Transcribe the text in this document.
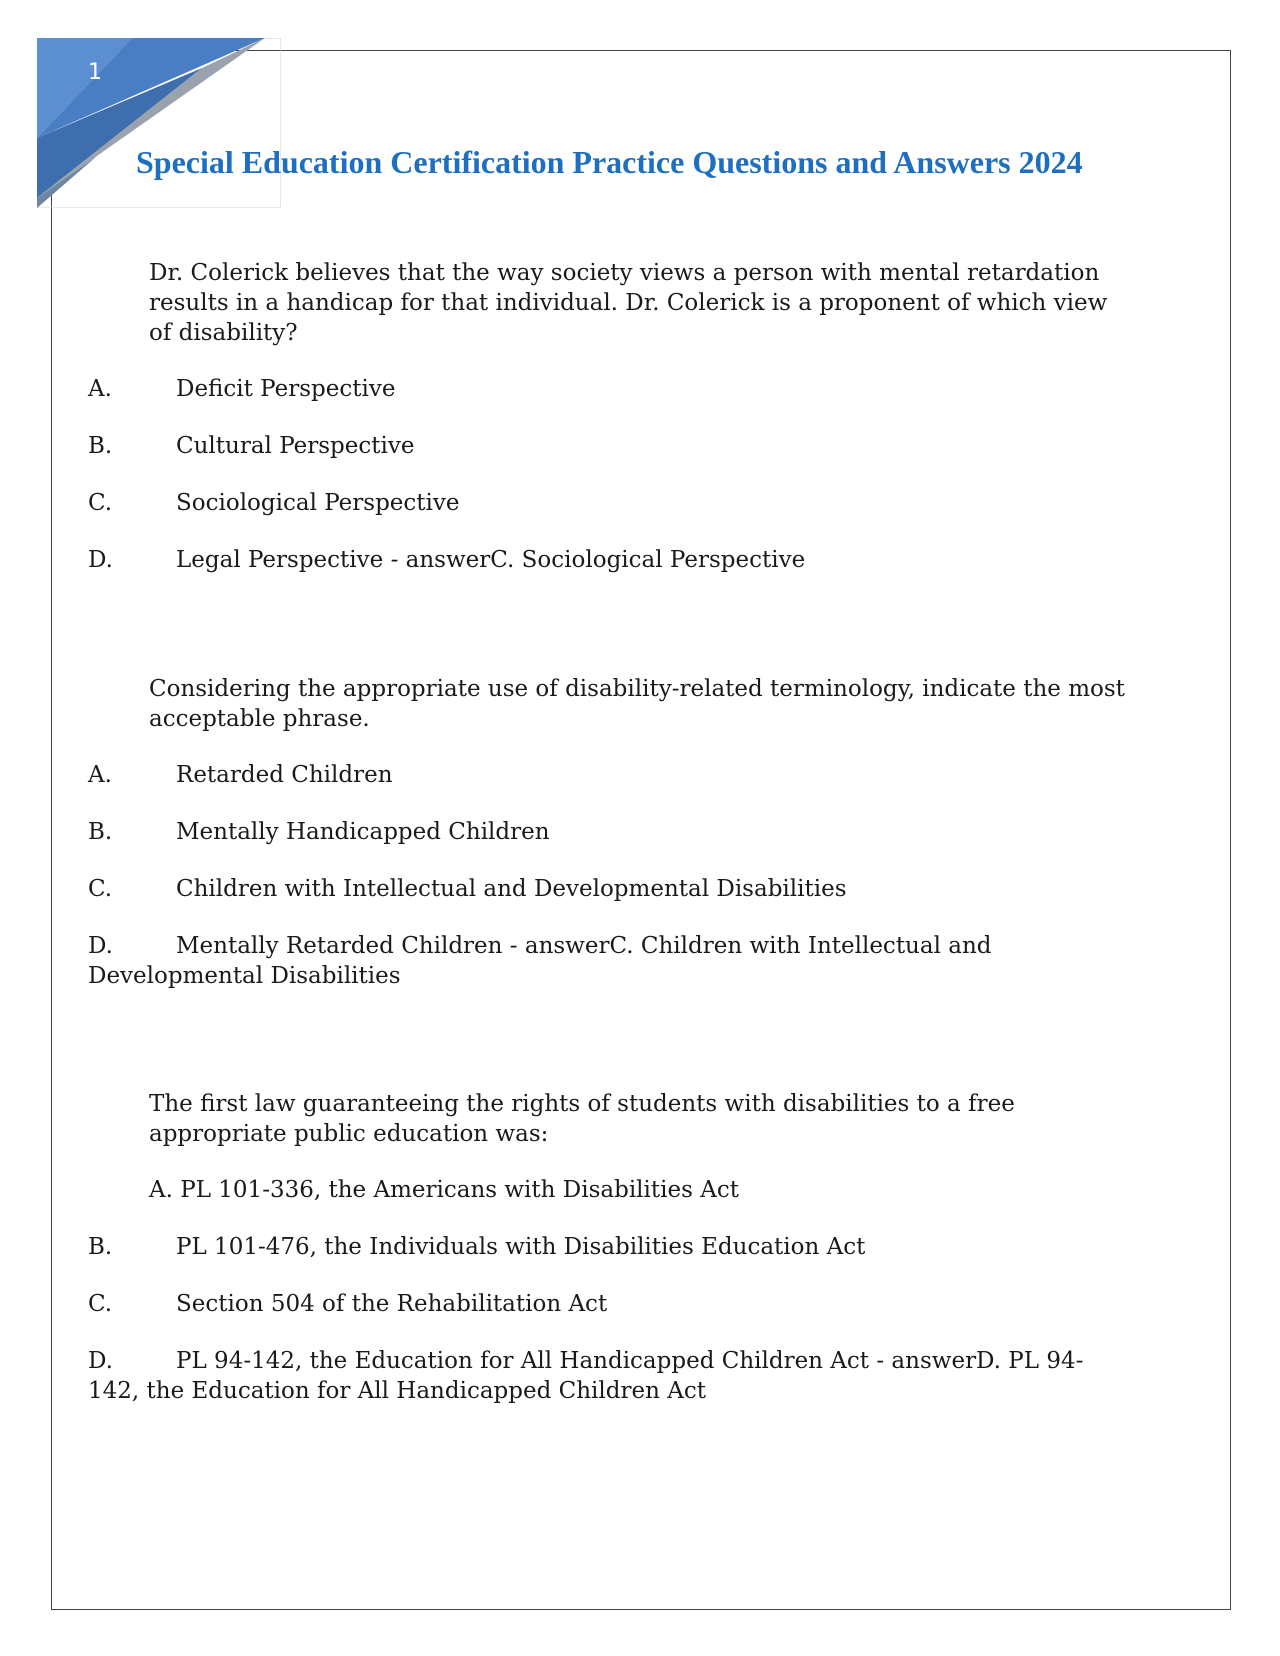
1
Special Education Certification Practice Questions and Answers 2024

Dr. Colerick believes that the way society views a person with mental retardation results in a handicap for that individual. Dr. Colerick is a proponent of which view of disability?

A.	Deficit Perspective
B.	Cultural Perspective
C.	Sociological Perspective
D.	Legal Perspective - answerC. Sociological Perspective

Considering the appropriate use of disability-related terminology, indicate the most acceptable phrase.

A.	Retarded Children
B.	Mentally Handicapped Children
C.	Children with Intellectual and Developmental Disabilities
D.	Mentally Retarded Children - answerC. Children with Intellectual and Developmental Disabilities

The first law guaranteeing the rights of students with disabilities to a free appropriate public education was:

A. PL 101-336, the Americans with Disabilities Act
B.	PL 101-476, the Individuals with Disabilities Education Act
C.	Section 504 of the Rehabilitation Act
D.	PL 94-142, the Education for All Handicapped Children Act - answerD. PL 94-142, the Education for All Handicapped Children Act
